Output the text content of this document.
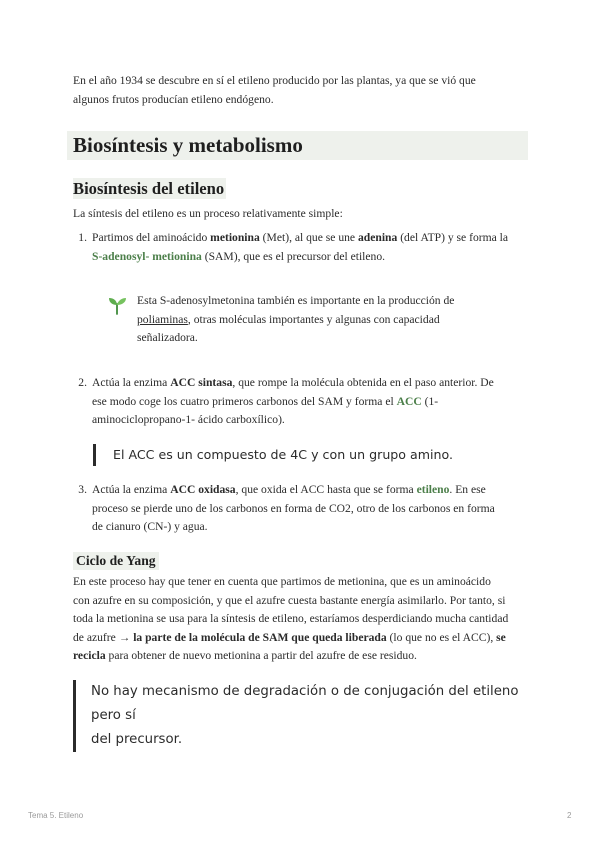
En el año 1934 se descubre en sí el etileno producido por las plantas, ya que se vió que
algunos frutos producían etileno endógeno.
Biosíntesis y metabolismo
Biosíntesis del etileno
La síntesis del etileno es un proceso relativamente simple:
1. Partimos del aminoácido metionina (Met), al que se une adenina (del ATP) y se forma la
S-adenosyl- metionina (SAM), que es el precursor del etileno.
Esta S-adenosylmetonina también es importante en la producción de
poliaminas, otras moléculas importantes y algunas con capacidad
señalizadora.
2. Actúa la enzima ACC sintasa, que rompe la molécula obtenida en el paso anterior. De
ese modo coge los cuatro primeros carbonos del SAM y forma el ACC (1-
aminociclopropano-1- ácido carboxílico).
El ACC es un compuesto de 4C y con un grupo amino.
3. Actúa la enzima ACC oxidasa, que oxida el ACC hasta que se forma etileno. En ese
proceso se pierde uno de los carbonos en forma de CO2, otro de los carbonos en forma
de cianuro (CN-) y agua.
Ciclo de Yang
En este proceso hay que tener en cuenta que partimos de metionina, que es un aminoácido
con azufre en su composición, y que el azufre cuesta bastante energía asimilarlo. Por tanto, si
toda la metionina se usa para la síntesis de etileno, estaríamos desperdiciando mucha cantidad
de azufre → la parte de la molécula de SAM que queda liberada (lo que no es el ACC), se
recicla para obtener de nuevo metionina a partir del azufre de ese residuo.
No hay mecanismo de degradación o de conjugación del etileno pero sí
del precursor.
Tema 5. Etileno	2
